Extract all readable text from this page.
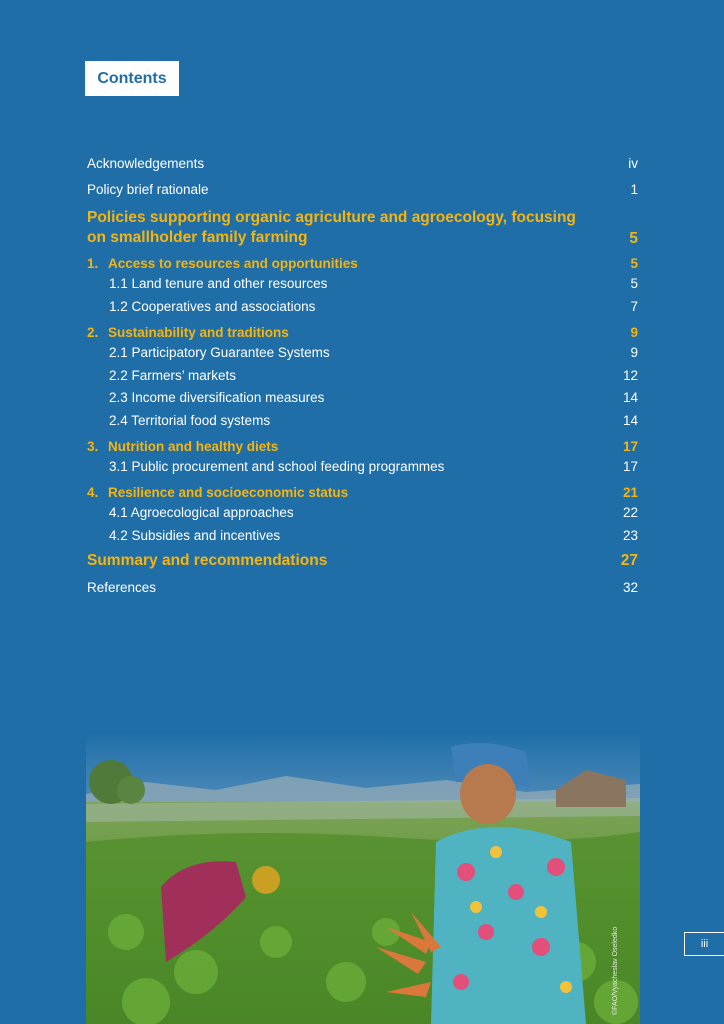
Contents
Acknowledgements	iv
Policy brief rationale	1
Policies supporting organic agriculture and agroecology, focusing on smallholder family farming	5
1. Access to resources and opportunities	5
1.1 Land tenure and other resources	5
1.2 Cooperatives and associations	7
2. Sustainability and traditions	9
2.1 Participatory Guarantee Systems	9
2.2 Farmers’ markets	12
2.3 Income diversification measures	14
2.4 Territorial food systems	14
3. Nutrition and healthy diets	17
3.1 Public procurement and school feeding programmes	17
4. Resilience and socioeconomic status	21
4.1 Agroecological approaches	22
4.2 Subsidies and incentives	23
Summary and recommendations	27
References	32
©FAO/Vyacheslav Oseledko	iii
